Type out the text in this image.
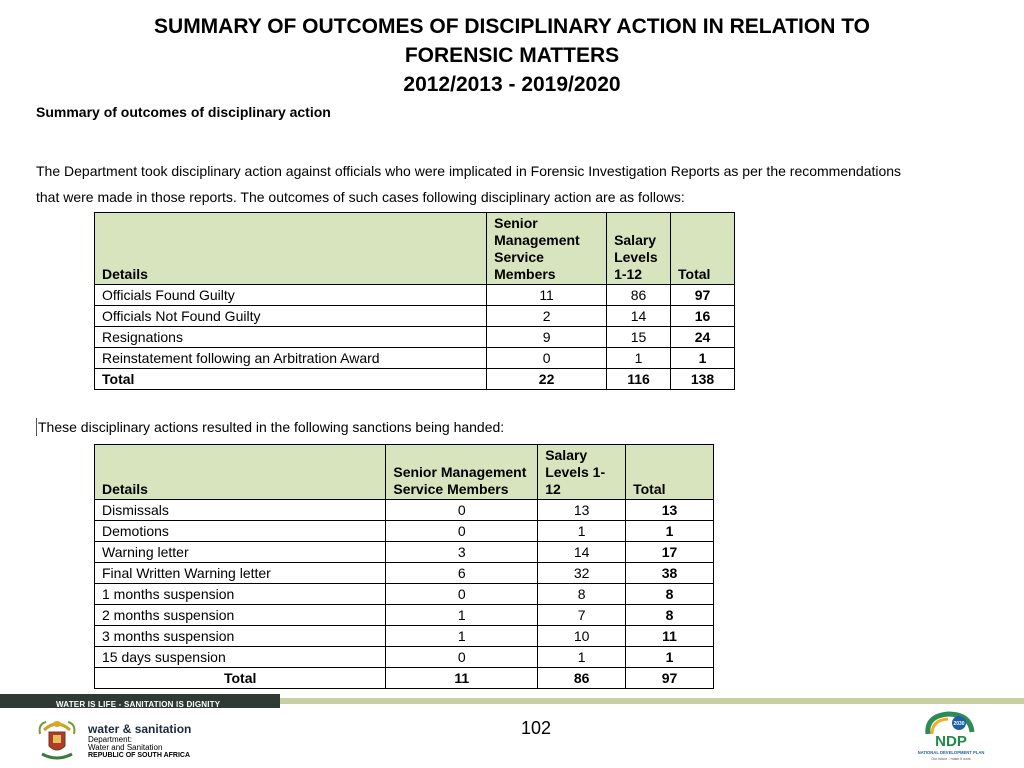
SUMMARY OF OUTCOMES OF DISCIPLINARY ACTION IN RELATION TO
FORENSIC MATTERS
2012/2013 - 2019/2020
Summary of outcomes of disciplinary action
The Department took disciplinary action against officials who were implicated in Forensic Investigation Reports as per the recommendations
that were made in those reports. The outcomes of such cases following disciplinary action are as follows:
Details	Senior Management Service Members	Salary Levels 1-12	Total
Officials Found Guilty	11	86	97
Officials Not Found Guilty	2	14	16
Resignations	9	15	24
Reinstatement following an Arbitration Award	0	1	1
Total	22	116	138
These disciplinary actions resulted in the following sanctions being handed:
Details	Senior Management Service Members	Salary Levels 1-12	Total
Dismissals	0	13	13
Demotions	0	1	1
Warning letter	3	14	17
Final Written Warning letter	6	32	38
1 months suspension	0	8	8
2 months suspension	1	7	8
3 months suspension	1	10	11
15 days suspension	0	1	1
Total	11	86	97
WATER IS LIFE - SANITATION IS DIGNITY
water & sanitation
Department:
Water and Sanitation
REPUBLIC OF SOUTH AFRICA
102	2030
NDP
NATIONAL DEVELOPMENT PLAN
Our future - make it work
